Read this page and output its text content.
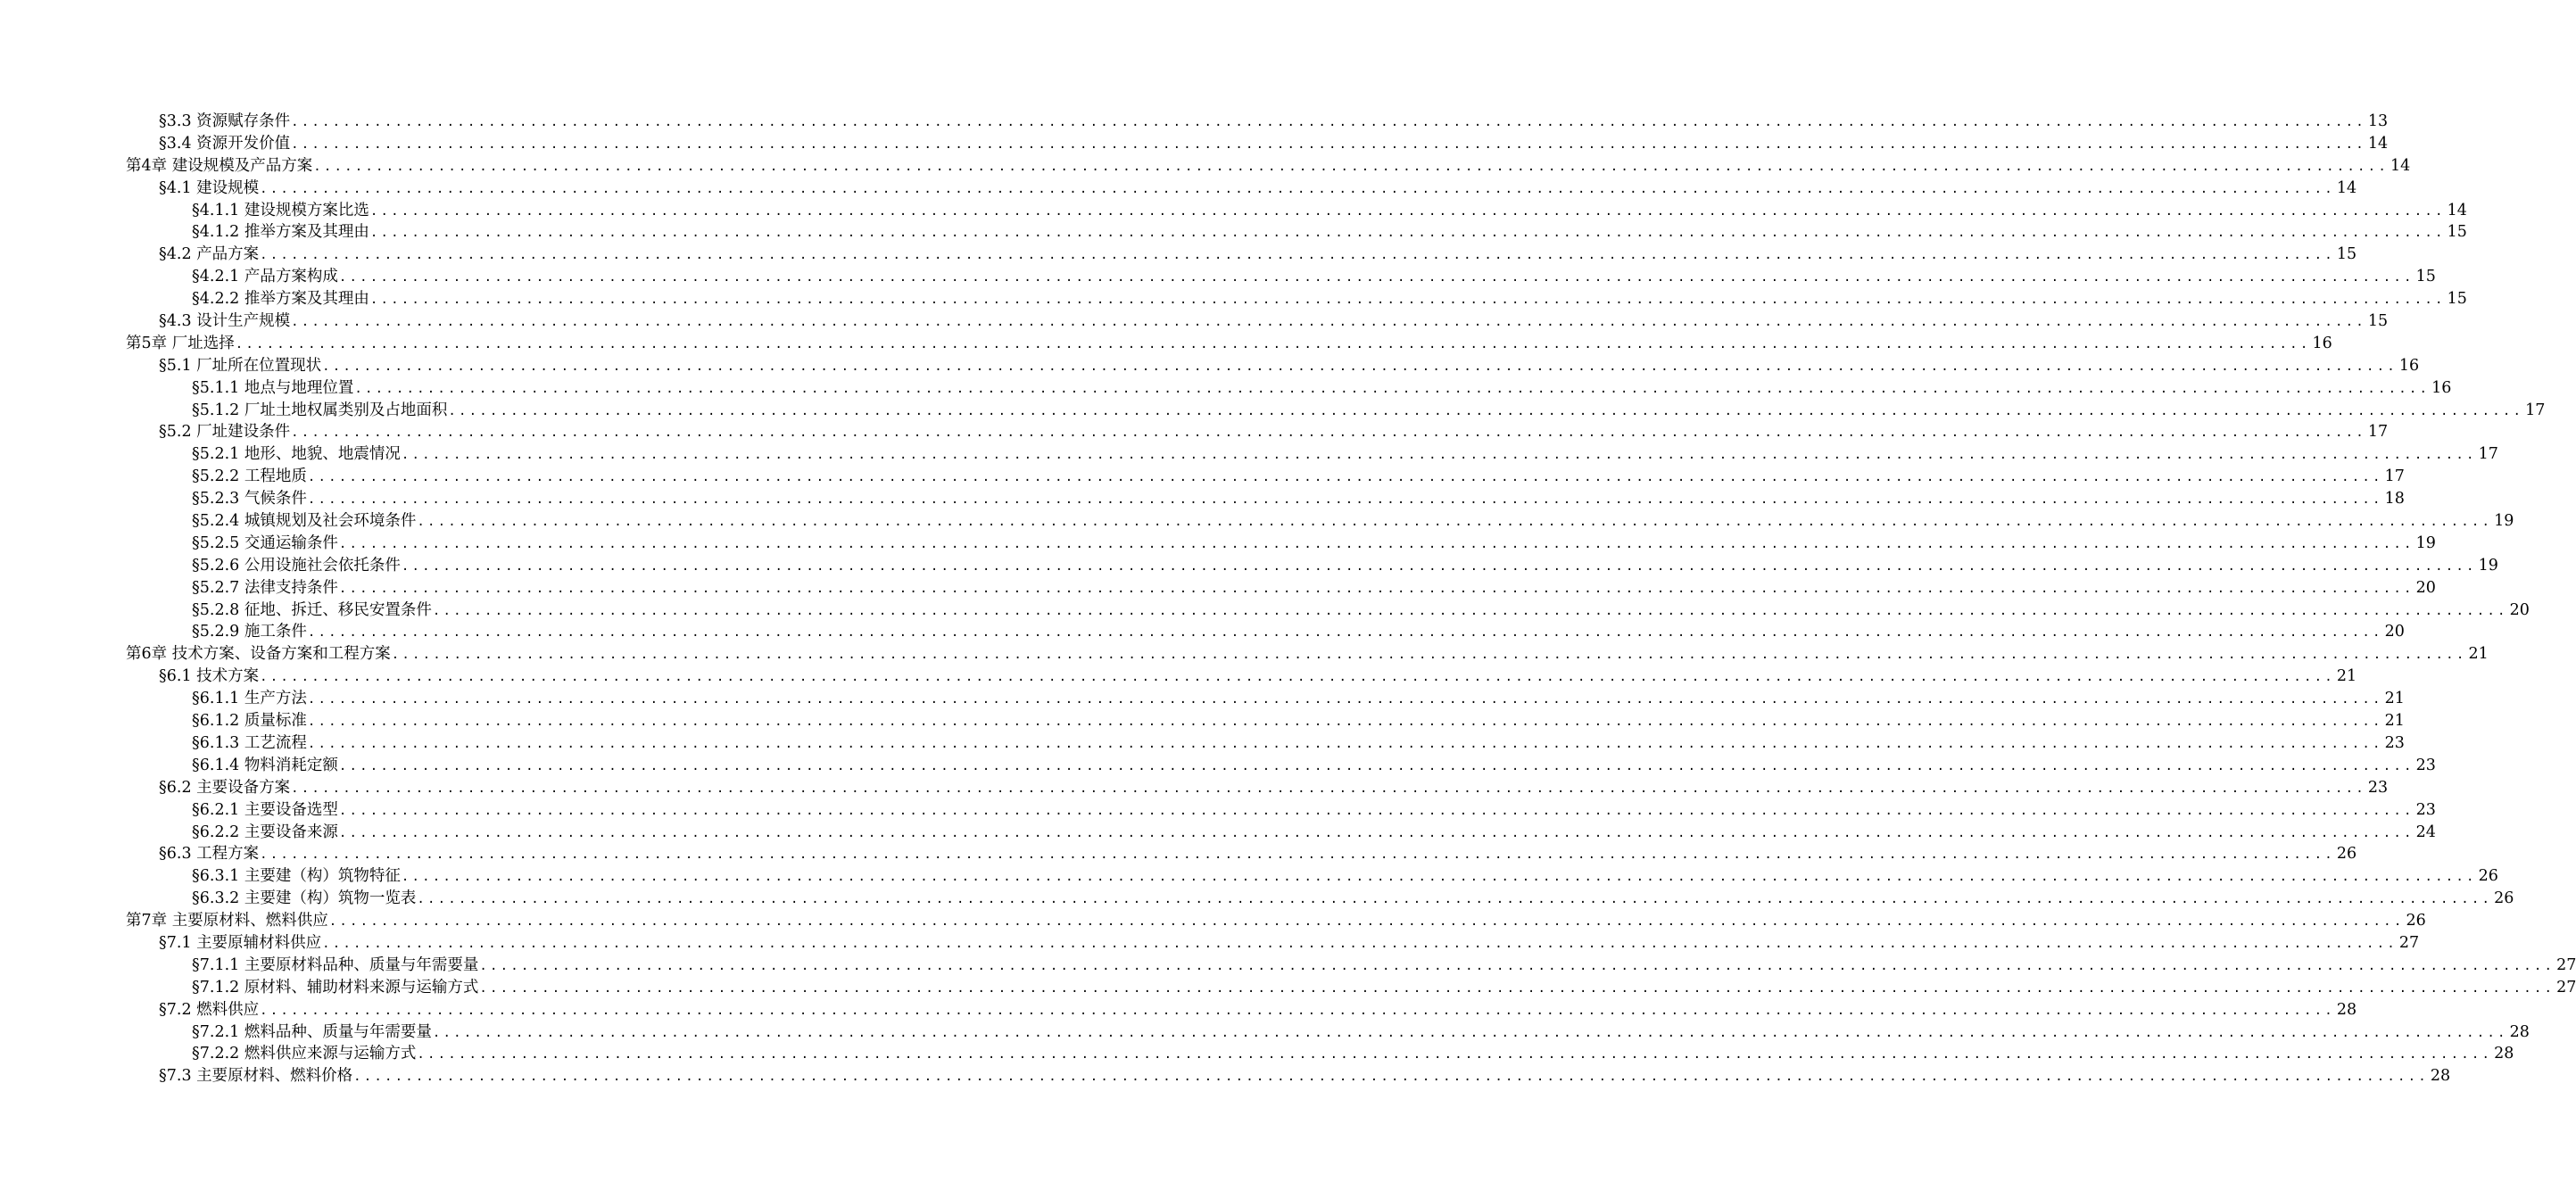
§3.3 资源赋存条件 ........................................................................................................................................................................................................ 13
§3.4 资源开发价值 ........................................................................................................................................................................................................ 14
第4章 建设规模及产品方案 ........................................................................................................................................................................................................ 14
§4.1 建设规模 ........................................................................................................................................................................................................ 14
§4.1.1 建设规模方案比选 ........................................................................................................................................................................................................ 14
§4.1.2 推举方案及其理由 ........................................................................................................................................................................................................ 15
§4.2 产品方案 ........................................................................................................................................................................................................ 15
§4.2.1 产品方案构成 ........................................................................................................................................................................................................ 15
§4.2.2 推举方案及其理由 ........................................................................................................................................................................................................ 15
§4.3 设计生产规模 ........................................................................................................................................................................................................ 15
第5章 厂址选择 ........................................................................................................................................................................................................ 16
§5.1 厂址所在位置现状 ........................................................................................................................................................................................................ 16
§5.1.1 地点与地理位置 ........................................................................................................................................................................................................ 16
§5.1.2 厂址土地权属类别及占地面积 ........................................................................................................................................................................................................ 17
§5.2 厂址建设条件 ........................................................................................................................................................................................................ 17
§5.2.1 地形、地貌、地震情况 ........................................................................................................................................................................................................ 17
§5.2.2 工程地质 ........................................................................................................................................................................................................ 17
§5.2.3 气候条件 ........................................................................................................................................................................................................ 18
§5.2.4 城镇规划及社会环境条件 ........................................................................................................................................................................................................ 19
§5.2.5 交通运输条件 ........................................................................................................................................................................................................ 19
§5.2.6 公用设施社会依托条件 ........................................................................................................................................................................................................ 19
§5.2.7 法律支持条件 ........................................................................................................................................................................................................ 20
§5.2.8 征地、拆迁、移民安置条件 ........................................................................................................................................................................................................ 20
§5.2.9 施工条件 ........................................................................................................................................................................................................ 20
第6章 技术方案、设备方案和工程方案 ........................................................................................................................................................................................................ 21
§6.1 技术方案 ........................................................................................................................................................................................................ 21
§6.1.1 生产方法 ........................................................................................................................................................................................................ 21
§6.1.2 质量标准 ........................................................................................................................................................................................................ 21
§6.1.3 工艺流程 ........................................................................................................................................................................................................ 23
§6.1.4 物料消耗定额 ........................................................................................................................................................................................................ 23
§6.2 主要设备方案 ........................................................................................................................................................................................................ 23
§6.2.1 主要设备选型 ........................................................................................................................................................................................................ 23
§6.2.2 主要设备来源 ........................................................................................................................................................................................................ 24
§6.3 工程方案 ........................................................................................................................................................................................................ 26
§6.3.1 主要建（构）筑物特征 ........................................................................................................................................................................................................ 26
§6.3.2 主要建（构）筑物一览表 ........................................................................................................................................................................................................ 26
第7章 主要原材料、燃料供应 ........................................................................................................................................................................................................ 26
§7.1 主要原辅材料供应 ........................................................................................................................................................................................................ 27
§7.1.1 主要原材料品种、质量与年需要量 ........................................................................................................................................................................................................ 27
§7.1.2 原材料、辅助材料来源与运输方式 ........................................................................................................................................................................................................ 27
§7.2 燃料供应 ........................................................................................................................................................................................................ 28
§7.2.1 燃料品种、质量与年需要量 ........................................................................................................................................................................................................ 28
§7.2.2 燃料供应来源与运输方式 ........................................................................................................................................................................................................ 28
§7.3 主要原材料、燃料价格 ........................................................................................................................................................................................................ 28
